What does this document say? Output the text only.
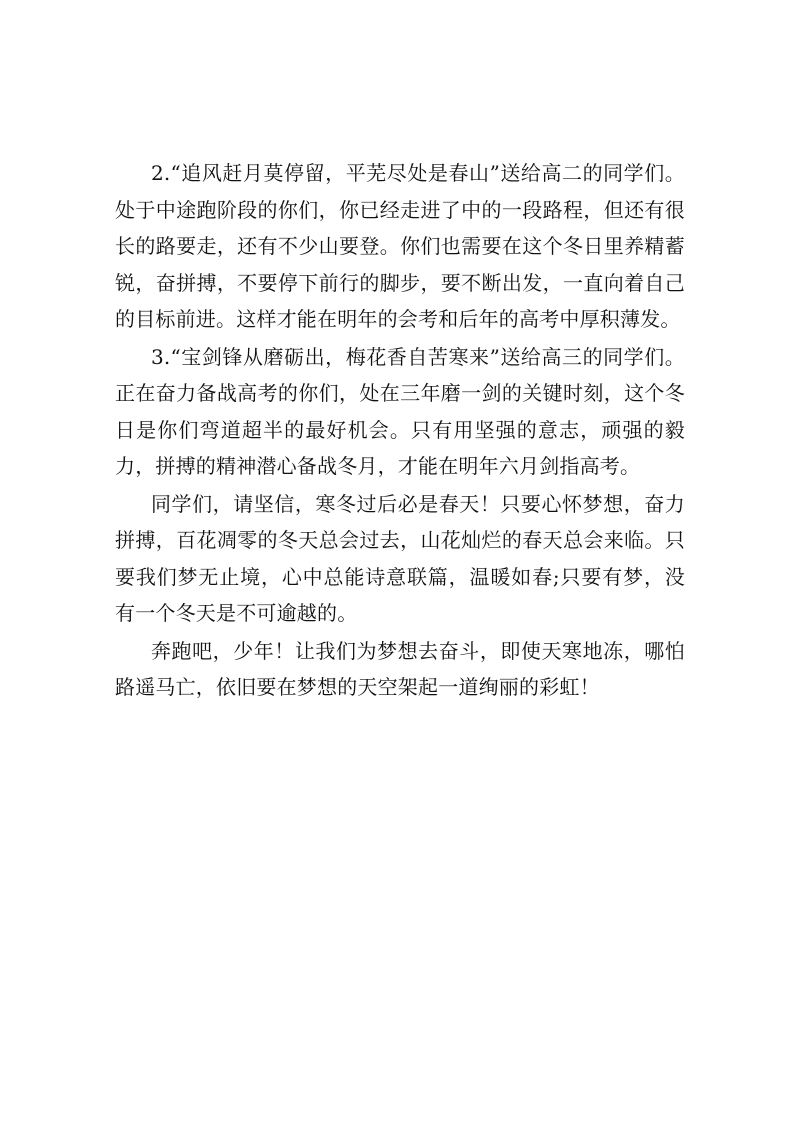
2.“追风赶月莫停留，平芜尽处是春山”送给高二的同学们。处于中途跑阶段的你们，你已经走进了中的一段路程，但还有很长的路要走，还有不少山要登。你们也需要在这个冬日里养精蓄锐，奋拼搏，不要停下前行的脚步，要不断出发，一直向着自己的目标前进。这样才能在明年的会考和后年的高考中厚积薄发。

3.“宝剑锋从磨砺出，梅花香自苦寒来”送给高三的同学们。正在奋力备战高考的你们，处在三年磨一剑的关键时刻，这个冬日是你们弯道超半的最好机会。只有用坚强的意志，顽强的毅力，拼搏的精神潜心备战冬月，才能在明年六月剑指高考。

同学们，请坚信，寒冬过后必是春天！只要心怀梦想，奋力拼搏，百花凋零的冬天总会过去，山花灿烂的春天总会来临。只要我们梦无止境，心中总能诗意联篇，温暖如春;只要有梦，没有一个冬天是不可逾越的。

奔跑吧，少年！让我们为梦想去奋斗，即使天寒地冻，哪怕路遥马亡，依旧要在梦想的天空架起一道绚丽的彩虹！
